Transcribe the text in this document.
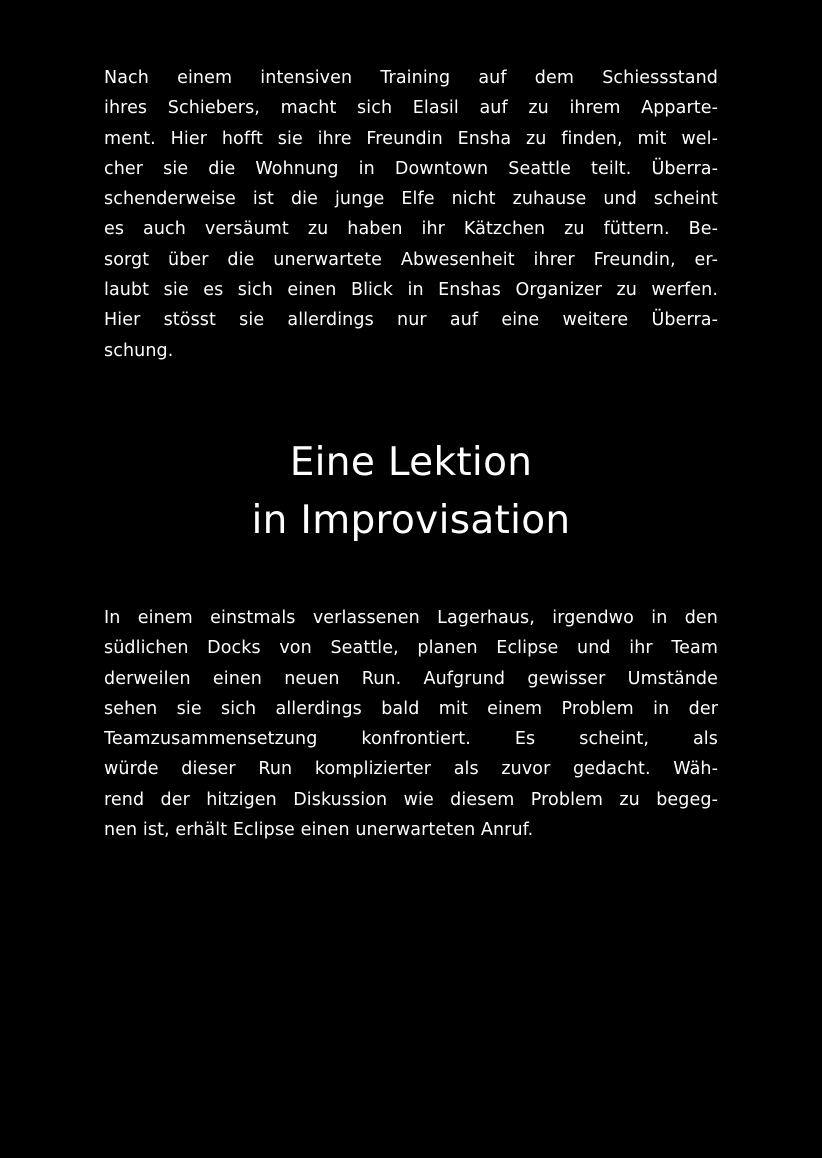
Nach einem intensiven Training auf dem Schiessstand
ihres Schiebers, macht sich Elasil auf zu ihrem Apparte-
ment. Hier hofft sie ihre Freundin Ensha zu finden, mit wel-
cher sie die Wohnung in Downtown Seattle teilt. Überra-
schenderweise ist die junge Elfe nicht zuhause und scheint
es auch versäumt zu haben ihr Kätzchen zu füttern. Be-
sorgt über die unerwartete Abwesenheit ihrer Freundin, er-
laubt sie es sich einen Blick in Enshas Organizer zu werfen.
Hier stösst sie allerdings nur auf eine weitere Überra-
schung.
Eine Lektion
in Improvisation
In einem einstmals verlassenen Lagerhaus, irgendwo in den
südlichen Docks von Seattle, planen Eclipse und ihr Team
derweilen einen neuen Run. Aufgrund gewisser Umstände
sehen sie sich allerdings bald mit einem Problem in der
Teamzusammensetzung konfrontiert. Es scheint, als
würde dieser Run komplizierter als zuvor gedacht. Wäh-
rend der hitzigen Diskussion wie diesem Problem zu begeg-
nen ist, erhält Eclipse einen unerwarteten Anruf.
